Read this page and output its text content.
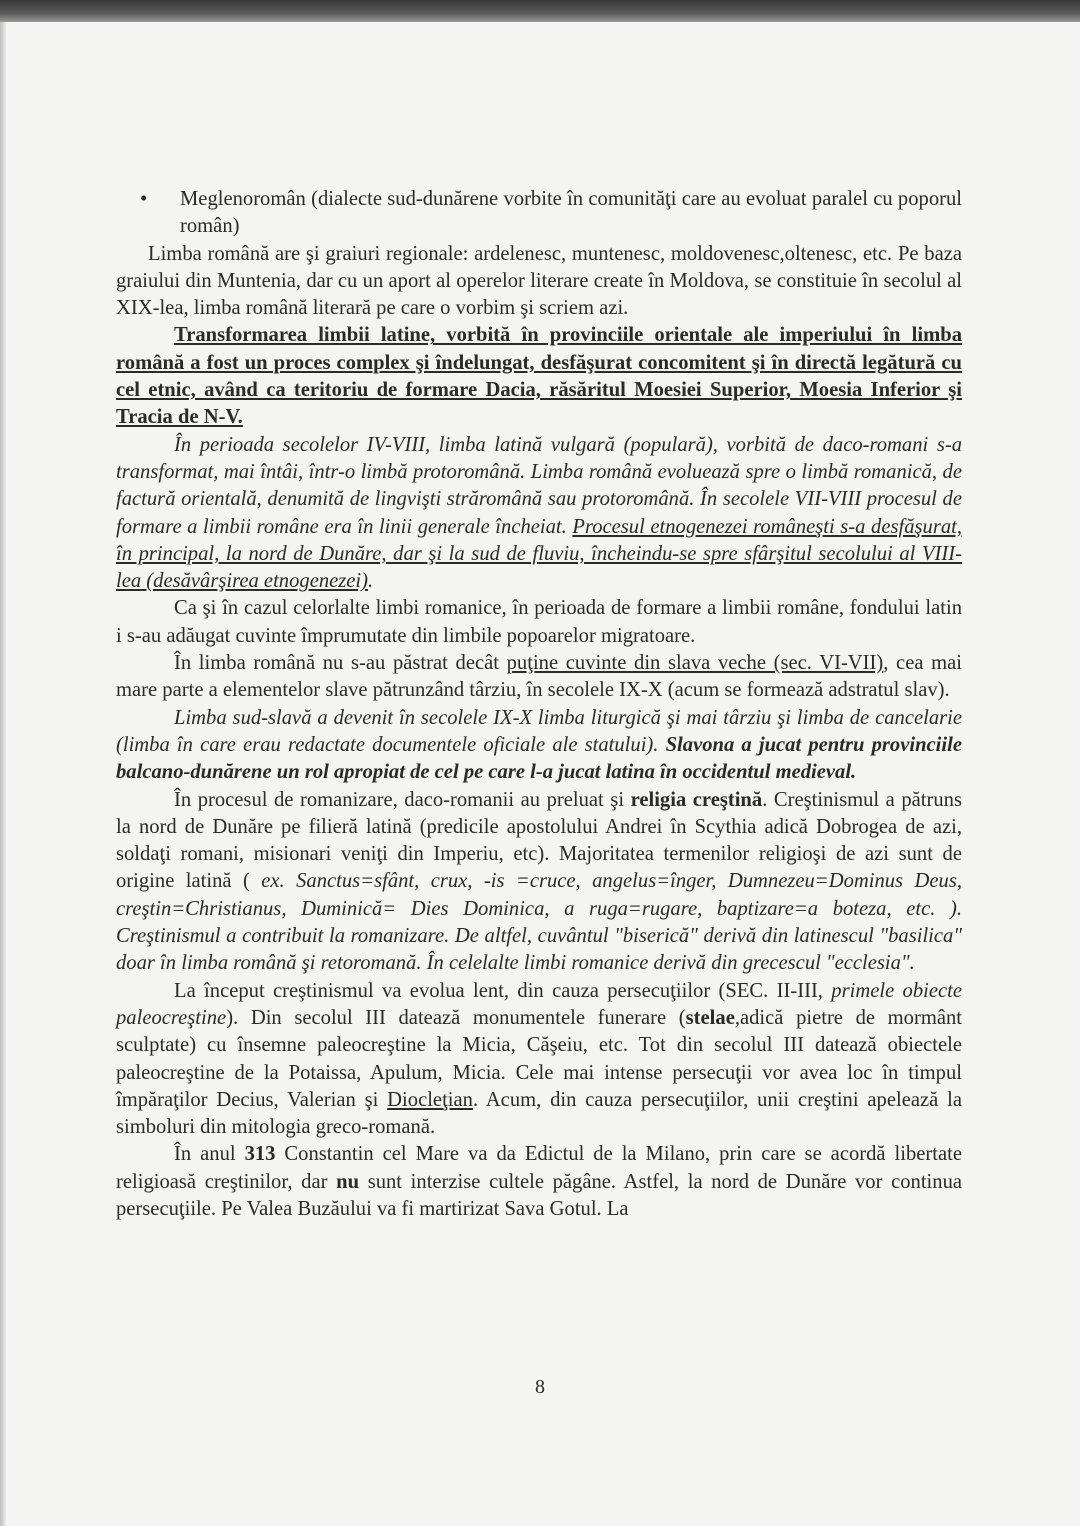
• Meglenoromân (dialecte sud-dunărene vorbite în comunităţi care au evoluat paralel cu poporul român)

Limba română are şi graiuri regionale: ardelenesc, muntenesc, moldovenesc,oltenesc, etc. Pe baza graiului din Muntenia, dar cu un aport al operelor literare create în Moldova, se constituie în secolul al XIX-lea, limba română literară pe care o vorbim şi scriem azi.

Transformarea limbii latine, vorbită în provinciile orientale ale imperiului în limba română a fost un proces complex şi îndelungat, desfăşurat concomitent şi în directă legătură cu cel etnic, având ca teritoriu de formare Dacia, răsăritul Moesiei Superior, Moesia Inferior şi Tracia de N-V.

În perioada secolelor IV-VIII, limba latină vulgară (populară), vorbită de daco-romani s-a transformat, mai întâi, într-o limbă protoromână. Limba română evoluează spre o limbă romanică, de factură orientală, denumită de lingvişti străromână sau protoromână. În secolele VII-VIII procesul de formare a limbii române era în linii generale încheiat. Procesul etnogenezei româneşti s-a desfăşurat, în principal, la nord de Dunăre, dar şi la sud de fluviu, încheindu-se spre sfârşitul secolului al VIII-lea (desăvârşirea etnogenezei).

Ca şi în cazul celorlalte limbi romanice, în perioada de formare a limbii române, fondului latin i s-au adăugat cuvinte împrumutate din limbile popoarelor migratoare.

În limba română nu s-au păstrat decât puţine cuvinte din slava veche (sec. VI-VII), cea mai mare parte a elementelor slave pătrunzând târziu, în secolele IX-X (acum se formează adstratul slav).

Limba sud-slavă a devenit în secolele IX-X limba liturgică şi mai târziu şi limba de cancelarie (limba în care erau redactate documentele oficiale ale statului). Slavona a jucat pentru provinciile balcano-dunărene un rol apropiat de cel pe care l-a jucat latina în occidentul medieval.

În procesul de romanizare, daco-romanii au preluat şi religia creştină. Creştinismul a pătruns la nord de Dunăre pe filieră latină (predicile apostolului Andrei în Scythia adică Dobrogea de azi, soldaţi romani, misionari veniţi din Imperiu, etc). Majoritatea termenilor religioşi de azi sunt de origine latină ( ex. Sanctus=sfânt, crux, -is =cruce, angelus=înger, Dumnezeu=Dominus Deus, creştin=Christianus, Duminică= Dies Dominica, a ruga=rugare, baptizare=a boteza, etc. ). Creştinismul a contribuit la romanizare. De altfel, cuvântul "biserică" derivă din latinescul "basilica" doar în limba română şi retoromană. În celelalte limbi romanice derivă din grecescul "ecclesia".

La început creştinismul va evolua lent, din cauza persecuţiilor (SEC. II-III, primele obiecte paleocreştine). Din secolul III datează monumentele funerare (stelae,adică pietre de mormânt sculptate) cu însemne paleocreştine la Micia, Căşeiu, etc. Tot din secolul III datează obiectele paleocreştine de la Potaissa, Apulum, Micia. Cele mai intense persecuţii vor avea loc în timpul împăraţilor Decius, Valerian şi Diocleţian. Acum, din cauza persecuţiilor, unii creştini apelează la simboluri din mitologia greco-romană.

În anul 313 Constantin cel Mare va da Edictul de la Milano, prin care se acordă libertate religioasă creştinilor, dar nu sunt interzise cultele păgâne. Astfel, la nord de Dunăre vor continua persecuţiile. Pe Valea Buzăului va fi martirizat Sava Gotul. La

8
